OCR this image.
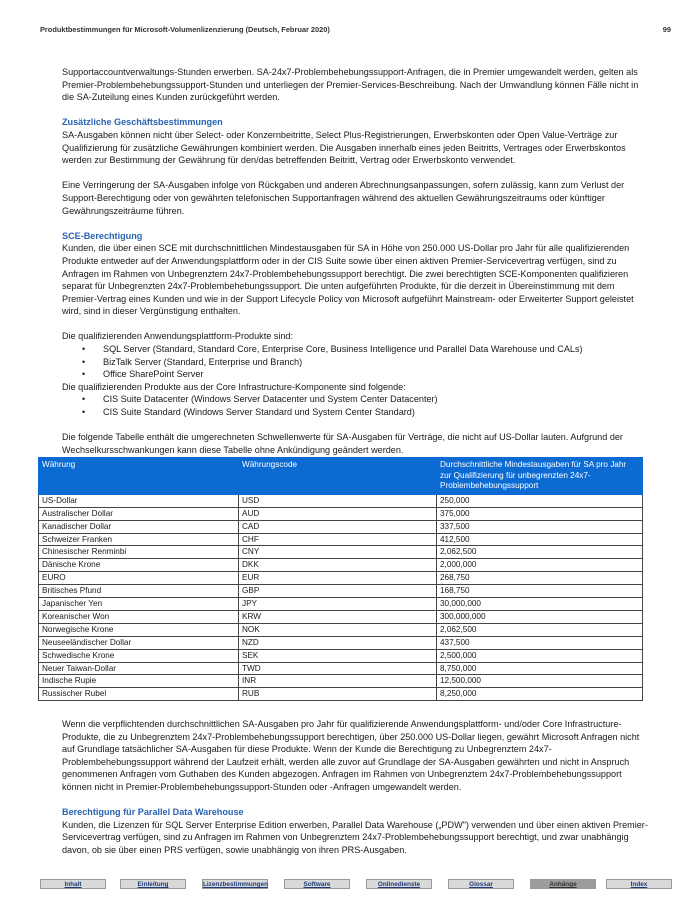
Produktbestimmungen für Microsoft-Volumenlizenzierung (Deutsch, Februar 2020)	99

Supportaccountverwaltungs-Stunden erwerben. SA-24x7-Problembehebungssupport-Anfragen, die in Premier umgewandelt werden, gelten als Premier-Problembehebungssupport-Stunden und unterliegen der Premier-Services-Beschreibung. Nach der Umwandlung können Fälle nicht in die SA-Zuteilung eines Kunden zurückgeführt werden.

Zusätzliche Geschäftsbestimmungen

SA-Ausgaben können nicht über Select- oder Konzernbeitritte, Select Plus-Registrierungen, Erwerbskonten oder Open Value-Verträge zur Qualifizierung für zusätzliche Gewährungen kombiniert werden. Die Ausgaben innerhalb eines jeden Beitritts, Vertrages oder Erwerbskontos werden zur Bestimmung der Gewährung für den/das betreffenden Beitritt, Vertrag oder Erwerbskonto verwendet.

Eine Verringerung der SA-Ausgaben infolge von Rückgaben und anderen Abrechnungsanpassungen, sofern zulässig, kann zum Verlust der Support-Berechtigung oder von gewährten telefonischen Supportanfragen während des aktuellen Gewährungszeitraums oder künftiger Gewährungszeiträume führen.

SCE-Berechtigung

Kunden, die über einen SCE mit durchschnittlichen Mindestausgaben für SA in Höhe von 250.000 US-Dollar pro Jahr für alle qualifizierenden Produkte entweder auf der Anwendungsplattform oder in der CIS Suite sowie über einen aktiven Premier-Servicevertrag verfügen, sind zu Anfragen im Rahmen von Unbegrenztem 24x7-Problembehebungssupport berechtigt. Die zwei berechtigten SCE-Komponenten qualifizieren separat für Unbegrenzten 24x7-Problembehebungssupport. Die unten aufgeführten Produkte, für die derzeit in Übereinstimmung mit dem Premier-Vertrag eines Kunden und wie in der Support Lifecycle Policy von Microsoft aufgeführt Mainstream- oder Erweiterter Support geleistet wird, sind in dieser Vergünstigung enthalten.

Die qualifizierenden Anwendungsplattform-Produkte sind:
• SQL Server (Standard, Standard Core, Enterprise Core, Business Intelligence und Parallel Data Warehouse und CALs)
• BizTalk Server (Standard, Enterprise und Branch)
• Office SharePoint Server
Die qualifizierenden Produkte aus der Core Infrastructure-Komponente sind folgende:
• CIS Suite Datacenter (Windows Server Datacenter und System Center Datacenter)
• CIS Suite Standard (Windows Server Standard und System Center Standard)

Die folgende Tabelle enthält die umgerechneten Schwellenwerte für SA-Ausgaben für Verträge, die nicht auf US-Dollar lauten. Aufgrund der Wechselkursschwankungen kann diese Tabelle ohne Ankündigung geändert werden.

Währung	Währungscode	Durchschnittliche Mindestausgaben für SA pro Jahr zur Qualifizierung für unbegrenzten 24x7-Problembehebungssupport
US-Dollar	USD	250,000
Australischer Dollar	AUD	375,000
Kanadischer Dollar	CAD	337,500
Schweizer Franken	CHF	412,500
Chinesischer Renminbi	CNY	2,062,500
Dänische Krone	DKK	2,000,000
EURO	EUR	268,750
Britisches Pfund	GBP	168,750
Japanischer Yen	JPY	30,000,000
Koreanischer Won	KRW	300,000,000
Norwegische Krone	NOK	2,062,500
Neuseeländischer Dollar	NZD	437,500
Schwedische Krone	SEK	2,500,000
Neuer Taiwan-Dollar	TWD	8,750,000
Indische Rupie	INR	12,500,000
Russischer Rubel	RUB	8,250,000

Wenn die verpflichtenden durchschnittlichen SA-Ausgaben pro Jahr für qualifizierende Anwendungsplattform- und/oder Core Infrastructure-Produkte, die zu Unbegrenztem 24x7-Problembehebungssupport berechtigen, über 250.000 US-Dollar liegen, gewährt Microsoft Anfragen nicht auf Grundlage tatsächlicher SA-Ausgaben für diese Produkte. Wenn der Kunde die Berechtigung zu Unbegrenztem 24x7-Problembehebungssupport während der Laufzeit erhält, werden alle zuvor auf Grundlage der SA-Ausgaben gewährten und nicht in Anspruch genommenen Anfragen vom Guthaben des Kunden abgezogen. Anfragen im Rahmen von Unbegrenztem 24x7-Problembehebungssupport können nicht in Premier-Problembehebungssupport-Stunden oder -Anfragen umgewandelt werden.

Berechtigung für Parallel Data Warehouse

Kunden, die Lizenzen für SQL Server Enterprise Edition erwerben, Parallel Data Warehouse („PDW") verwenden und über einen aktiven Premier-Servicevertrag verfügen, sind zu Anfragen im Rahmen von Unbegrenztem 24x7-Problembehebungssupport berechtigt, und zwar unabhängig davon, ob sie über einen PRS verfügen, sowie unabhängig von ihren PRS-Ausgaben.

Inhalt	Einleitung	Lizenzbestimmungen	Software	Onlinedienste	Glossar	Anhänge	Index
